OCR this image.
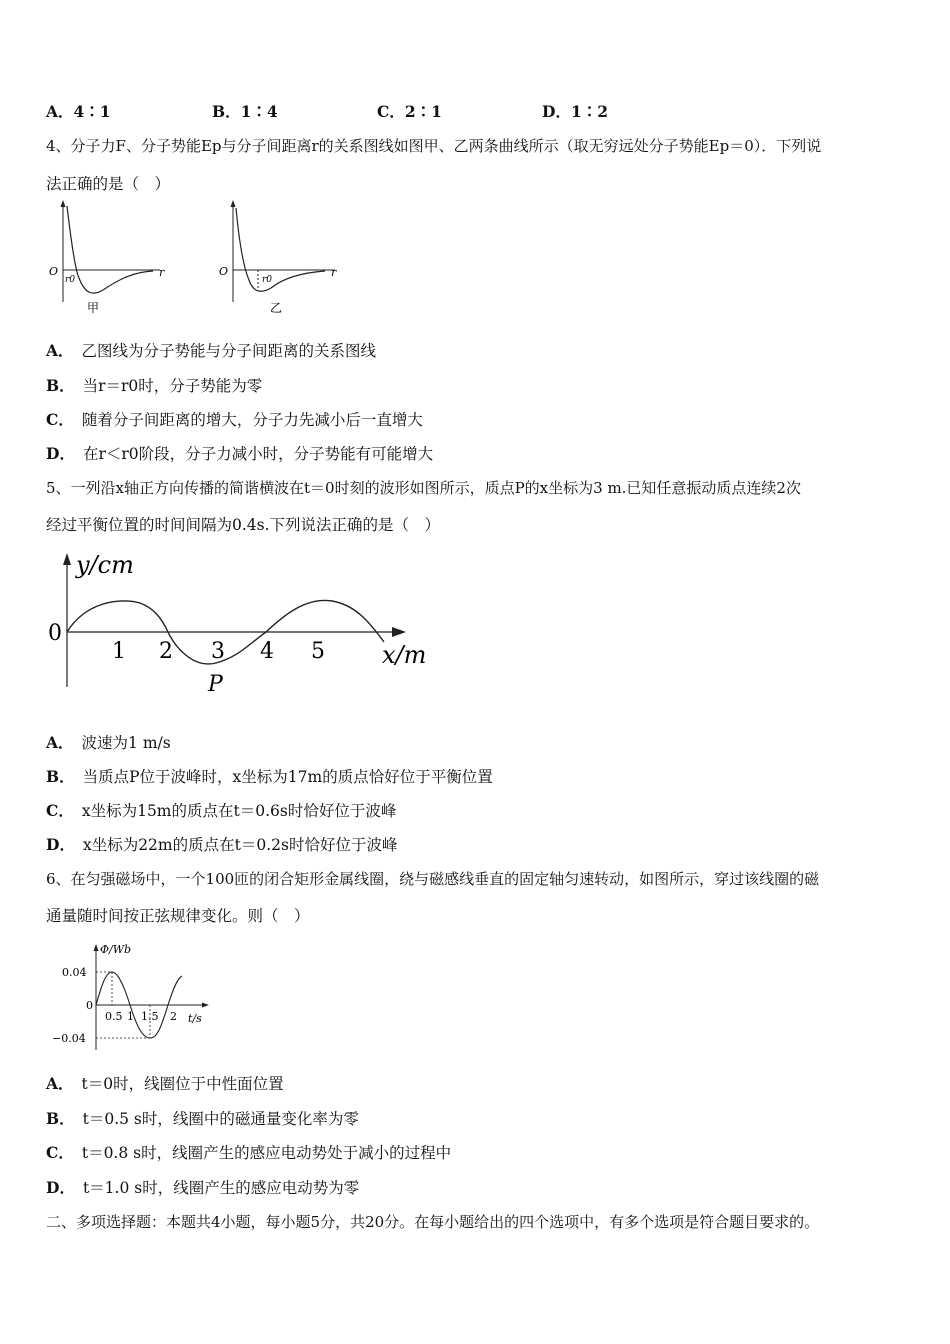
A．4∶1	B．1∶4	C．2∶1	D．1∶2
4、分子力F、分子势能Ep与分子间距离r的关系图线如图甲、乙两条曲线所示（取无穷远处分子势能Ep＝0）．下列说
法正确的是（　）
O
r0
r
甲
O
r0
r
乙
A． 乙图线为分子势能与分子间距离的关系图线
B． 当r＝r0时，分子势能为零
C． 随着分子间距离的增大，分子力先减小后一直增大
D． 在r＜r0阶段，分子力减小时，分子势能有可能增大
5、一列沿x轴正方向传播的简谐横波在t＝0时刻的波形如图所示，质点P的x坐标为3 m.已知任意振动质点连续2次
经过平衡位置的时间间隔为0.4s.下列说法正确的是（　）
y/cm
0
1 2 3 4 5 x/m
P
A． 波速为1 m/s
B． 当质点P位于波峰时，x坐标为17m的质点恰好位于平衡位置
C． x坐标为15m的质点在t＝0.6s时恰好位于波峰
D． x坐标为22m的质点在t＝0.2s时恰好位于波峰
6、在匀强磁场中，一个100匝的闭合矩形金属线圈，绕与磁感线垂直的固定轴匀速转动，如图所示，穿过该线圈的磁
通量随时间按正弦规律变化。则（　）
Φ/Wb
0.04
0
−0.04
0.5 1 1.5 2 t/s
A． t＝0时，线圈位于中性面位置
B． t＝0.5 s时，线圈中的磁通量变化率为零
C． t＝0.8 s时，线圈产生的感应电动势处于减小的过程中
D． t＝1.0 s时，线圈产生的感应电动势为零
二、多项选择题：本题共4小题，每小题5分，共20分。在每小题给出的四个选项中，有多个选项是符合题目要求的。
